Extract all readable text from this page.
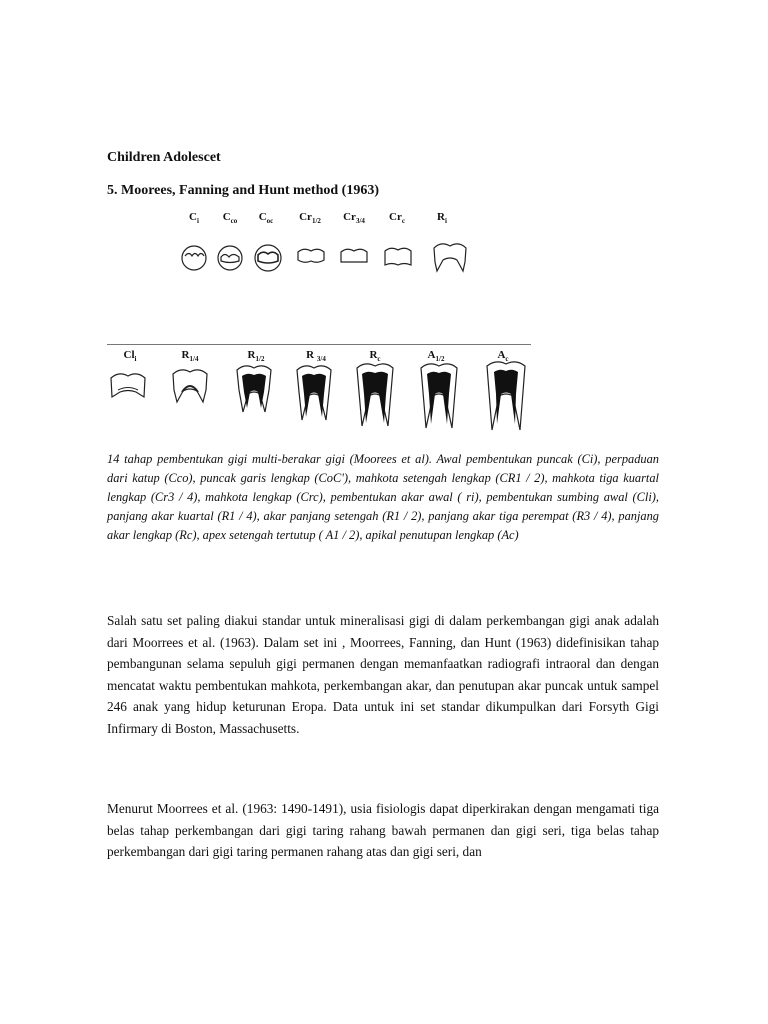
Children Adolescet

5. Moorees, Fanning and Hunt method (1963)

$C_i$	$C_{co}$	$C_{oc}$	$Cr_{1/2}$	$Cr_{3/4}$	$Cr_c$	$R_i$
$Cl_i$	$R_{1/4}$	$R_{1/2}$	R $_{3/4}$	$R_c$	$A_{1/2}$	$A_c$

14 tahap pembentukan gigi multi-berakar gigi (Moorees et al). Awal pembentukan puncak (Ci), perpaduan dari katup (Cco), puncak garis lengkap (CoC'), mahkota setengah lengkap (CR1 / 2), mahkota tiga kuartal lengkap (Cr3 / 4), mahkota lengkap (Crc), pembentukan akar awal ( ri), pembentukan sumbing awal (Cli), panjang akar kuartal (R1 / 4), akar panjang setengah (R1 / 2), panjang akar tiga perempat (R3 / 4), panjang akar lengkap (Rc), apex setengah tertutup ( A1 / 2), apikal penutupan lengkap (Ac)

Salah satu set paling diakui standar untuk mineralisasi gigi di dalam perkembangan gigi anak adalah dari Moorrees et al. (1963). Dalam set ini , Moorrees, Fanning, dan Hunt (1963) didefinisikan tahap pembangunan selama sepuluh gigi permanen dengan memanfaatkan radiografi intraoral dan dengan mencatat waktu pembentukan mahkota, perkembangan akar, dan penutupan akar puncak untuk sampel 246 anak yang hidup keturunan Eropa. Data untuk ini set standar dikumpulkan dari Forsyth Gigi Infirmary di Boston, Massachusetts.

Menurut Moorrees et al. (1963: 1490-1491), usia fisiologis dapat diperkirakan dengan mengamati tiga belas tahap perkembangan dari gigi taring rahang bawah permanen dan gigi seri, tiga belas tahap perkembangan dari gigi taring permanen rahang atas dan gigi seri, dan
